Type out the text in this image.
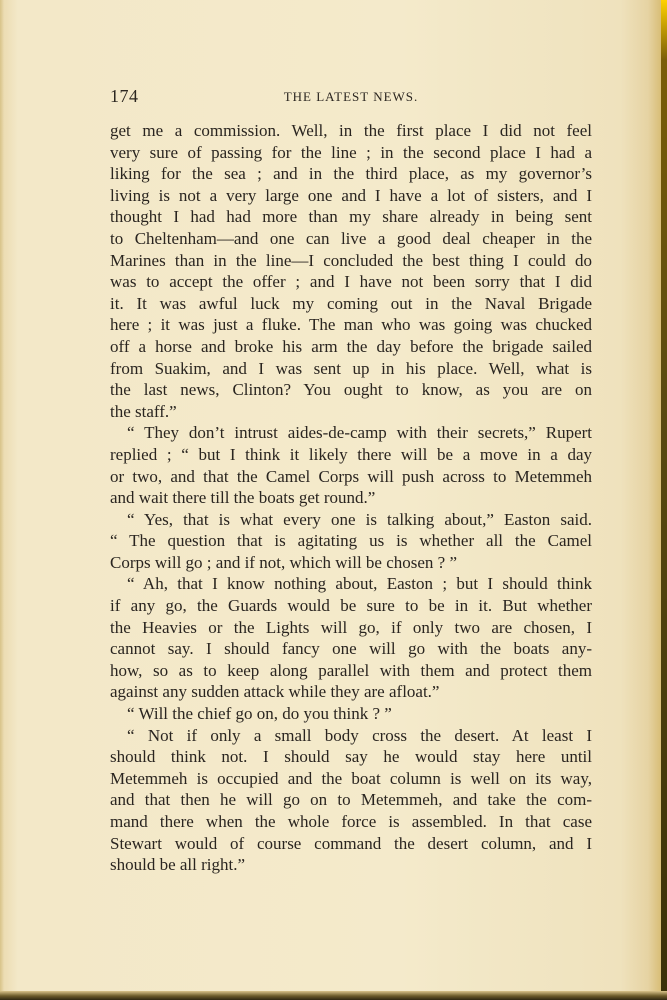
174	THE LATEST NEWS.
get me a commission. Well, in the first place I did not feel
very sure of passing for the line ; in the second place I had a
liking for the sea ; and in the third place, as my governor’s
living is not a very large one and I have a lot of sisters, and I
thought I had had more than my share already in being sent
to Cheltenham—and one can live a good deal cheaper in the
Marines than in the line—I concluded the best thing I could do
was to accept the offer ; and I have not been sorry that I did
it. It was awful luck my coming out in the Naval Brigade
here ; it was just a fluke. The man who was going was chucked
off a horse and broke his arm the day before the brigade sailed
from Suakim, and I was sent up in his place. Well, what is
the last news, Clinton? You ought to know, as you are on
the staff.”
“ They don’t intrust aides-de-camp with their secrets,” Rupert
replied ; “ but I think it likely there will be a move in a day
or two, and that the Camel Corps will push across to Metemmeh
and wait there till the boats get round.”
“ Yes, that is what every one is talking about,” Easton said.
“ The question that is agitating us is whether all the Camel
Corps will go ; and if not, which will be chosen ? ”
“ Ah, that I know nothing about, Easton ; but I should think
if any go, the Guards would be sure to be in it. But whether
the Heavies or the Lights will go, if only two are chosen, I
cannot say. I should fancy one will go with the boats any-
how, so as to keep along parallel with them and protect them
against any sudden attack while they are afloat.”
“ Will the chief go on, do you think ? ”
“ Not if only a small body cross the desert. At least I
should think not. I should say he would stay here until
Metemmeh is occupied and the boat column is well on its way,
and that then he will go on to Metemmeh, and take the com-
mand there when the whole force is assembled. In that case
Stewart would of course command the desert column, and I
should be all right.”
